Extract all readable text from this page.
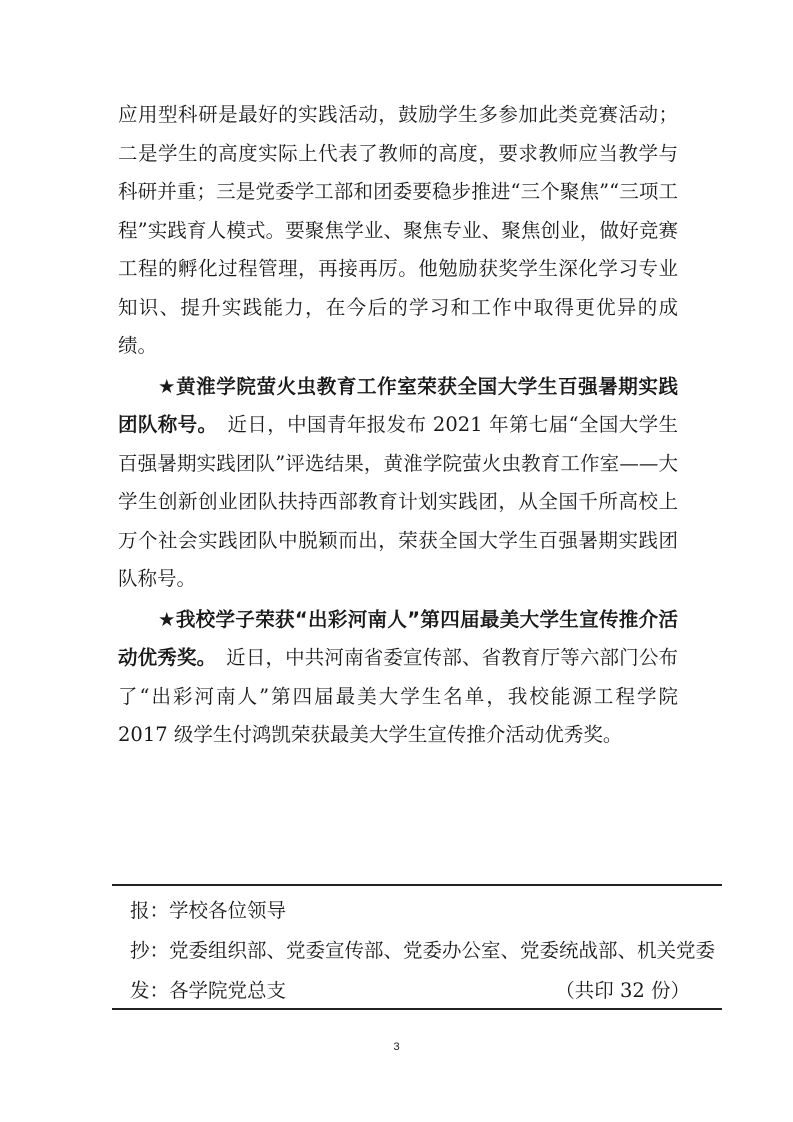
应用型科研是最好的实践活动，鼓励学生多参加此类竞赛活动；二是学生的高度实际上代表了教师的高度，要求教师应当教学与科研并重；三是党委学工部和团委要稳步推进“三个聚焦”“三项工程”实践育人模式。要聚焦学业、聚焦专业、聚焦创业，做好竞赛工程的孵化过程管理，再接再厉。他勉励获奖学生深化学习专业知识、提升实践能力，在今后的学习和工作中取得更优异的成绩。

★黄淮学院萤火虫教育工作室荣获全国大学生百强暑期实践团队称号。　 近日，中国青年报发布 2021 年第七届“全国大学生百强暑期实践团队”评选结果，黄淮学院萤火虫教育工作室——大学生创新创业团队扶持西部教育计划实践团，从全国千所高校上万个社会实践团队中脱颖而出，荣获全国大学生百强暑期实践团队称号。

★我校学子荣获“出彩河南人”第四届最美大学生宣传推介活动优秀奖。　 近日，中共河南省委宣传部、省教育厅等六部门公布了“出彩河南人”第四届最美大学生名单，我校能源工程学院 2017 级学生付鸿凯荣获最美大学生宣传推介活动优秀奖。

报：学校各位领导
抄：党委组织部、党委宣传部、党委办公室、党委统战部、机关党委
发：各学院党总支	（共印 32 份）
3
